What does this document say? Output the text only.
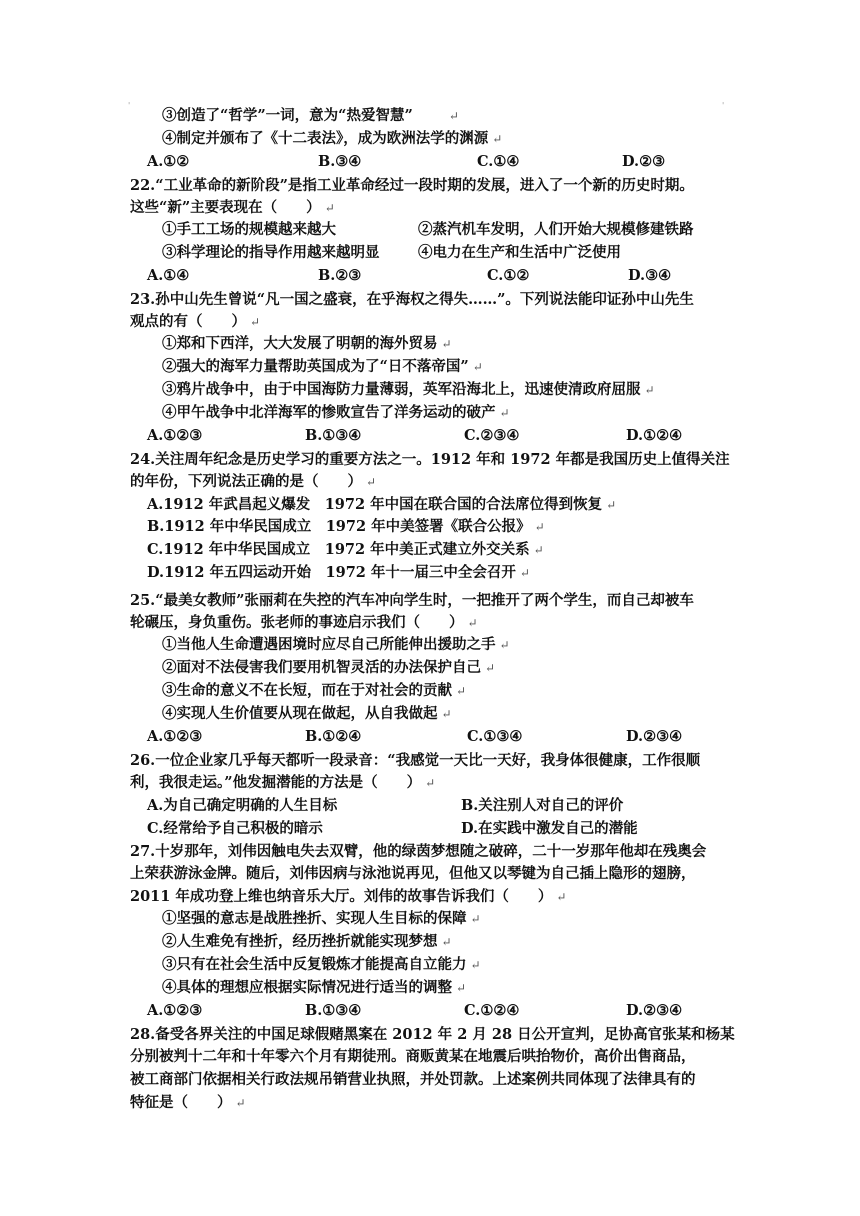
'	'
③创造了“哲学”一词，意为“热爱智慧”	↵
④制定并颁布了《十二表法》，成为欧洲法学的渊源 ↵
A.①②	B.③④	C.①④	D.②③
22.“工业革命的新阶段”是指工业革命经过一段时期的发展，进入了一个新的历史时期。
这些“新”主要表现在（　　） ↵
①手工工场的规模越来越大	②蒸汽机车发明，人们开始大规模修建铁路
③科学理论的指导作用越来越明显	④电力在生产和生活中广泛使用
A.①④	B.②③	C.①②	D.③④
23.孙中山先生曾说“凡一国之盛衰，在乎海权之得失……”。下列说法能印证孙中山先生
观点的有（　　） ↵
①郑和下西洋，大大发展了明朝的海外贸易 ↵
②强大的海军力量帮助英国成为了“日不落帝国” ↵
③鸦片战争中，由于中国海防力量薄弱，英军沿海北上，迅速使清政府屈服 ↵
④甲午战争中北洋海军的惨败宣告了洋务运动的破产 ↵
A.①②③	B.①③④	C.②③④	D.①②④
24.关注周年纪念是历史学习的重要方法之一。1912 年和 1972 年都是我国历史上值得关注
的年份，下列说法正确的是（　　） ↵
A.1912 年武昌起义爆发　1972 年中国在联合国的合法席位得到恢复 ↵
B.1912 年中华民国成立　1972 年中美签署《联合公报》 ↵
C.1912 年中华民国成立　1972 年中美正式建立外交关系 ↵
D.1912 年五四运动开始　1972 年十一届三中全会召开 ↵
25.“最美女教师”张丽莉在失控的汽车冲向学生时，一把推开了两个学生，而自己却被车
轮碾压，身负重伤。张老师的事迹启示我们（　　） ↵
①当他人生命遭遇困境时应尽自己所能伸出援助之手 ↵
②面对不法侵害我们要用机智灵活的办法保护自己 ↵
③生命的意义不在长短，而在于对社会的贡献 ↵
④实现人生价值要从现在做起，从自我做起 ↵
A.①②③	B.①②④	C.①③④	D.②③④
26.一位企业家几乎每天都听一段录音：“我感觉一天比一天好，我身体很健康，工作很顺
利，我很走运。”他发掘潜能的方法是（　　） ↵
A.为自己确定明确的人生目标	B.关注别人对自己的评价
C.经常给予自己积极的暗示	D.在实践中激发自己的潜能
27.十岁那年，刘伟因触电失去双臂，他的绿茵梦想随之破碎，二十一岁那年他却在残奥会
上荣获游泳金牌。随后，刘伟因病与泳池说再见，但他又以琴键为自己插上隐形的翅膀，
2011 年成功登上维也纳音乐大厅。刘伟的故事告诉我们（　　） ↵
①坚强的意志是战胜挫折、实现人生目标的保障 ↵
②人生难免有挫折，经历挫折就能实现梦想 ↵
③只有在社会生活中反复锻炼才能提高自立能力 ↵
④具体的理想应根据实际情况进行适当的调整 ↵
A.①②③	B.①③④	C.①②④	D.②③④
28.备受各界关注的中国足球假赌黑案在 2012 年 2 月 28 日公开宣判，足协高官张某和杨某
分别被判十二年和十年零六个月有期徒刑。商贩黄某在地震后哄抬物价，高价出售商品，
被工商部门依据相关行政法规吊销营业执照，并处罚款。上述案例共同体现了法律具有的
特征是（　　） ↵
